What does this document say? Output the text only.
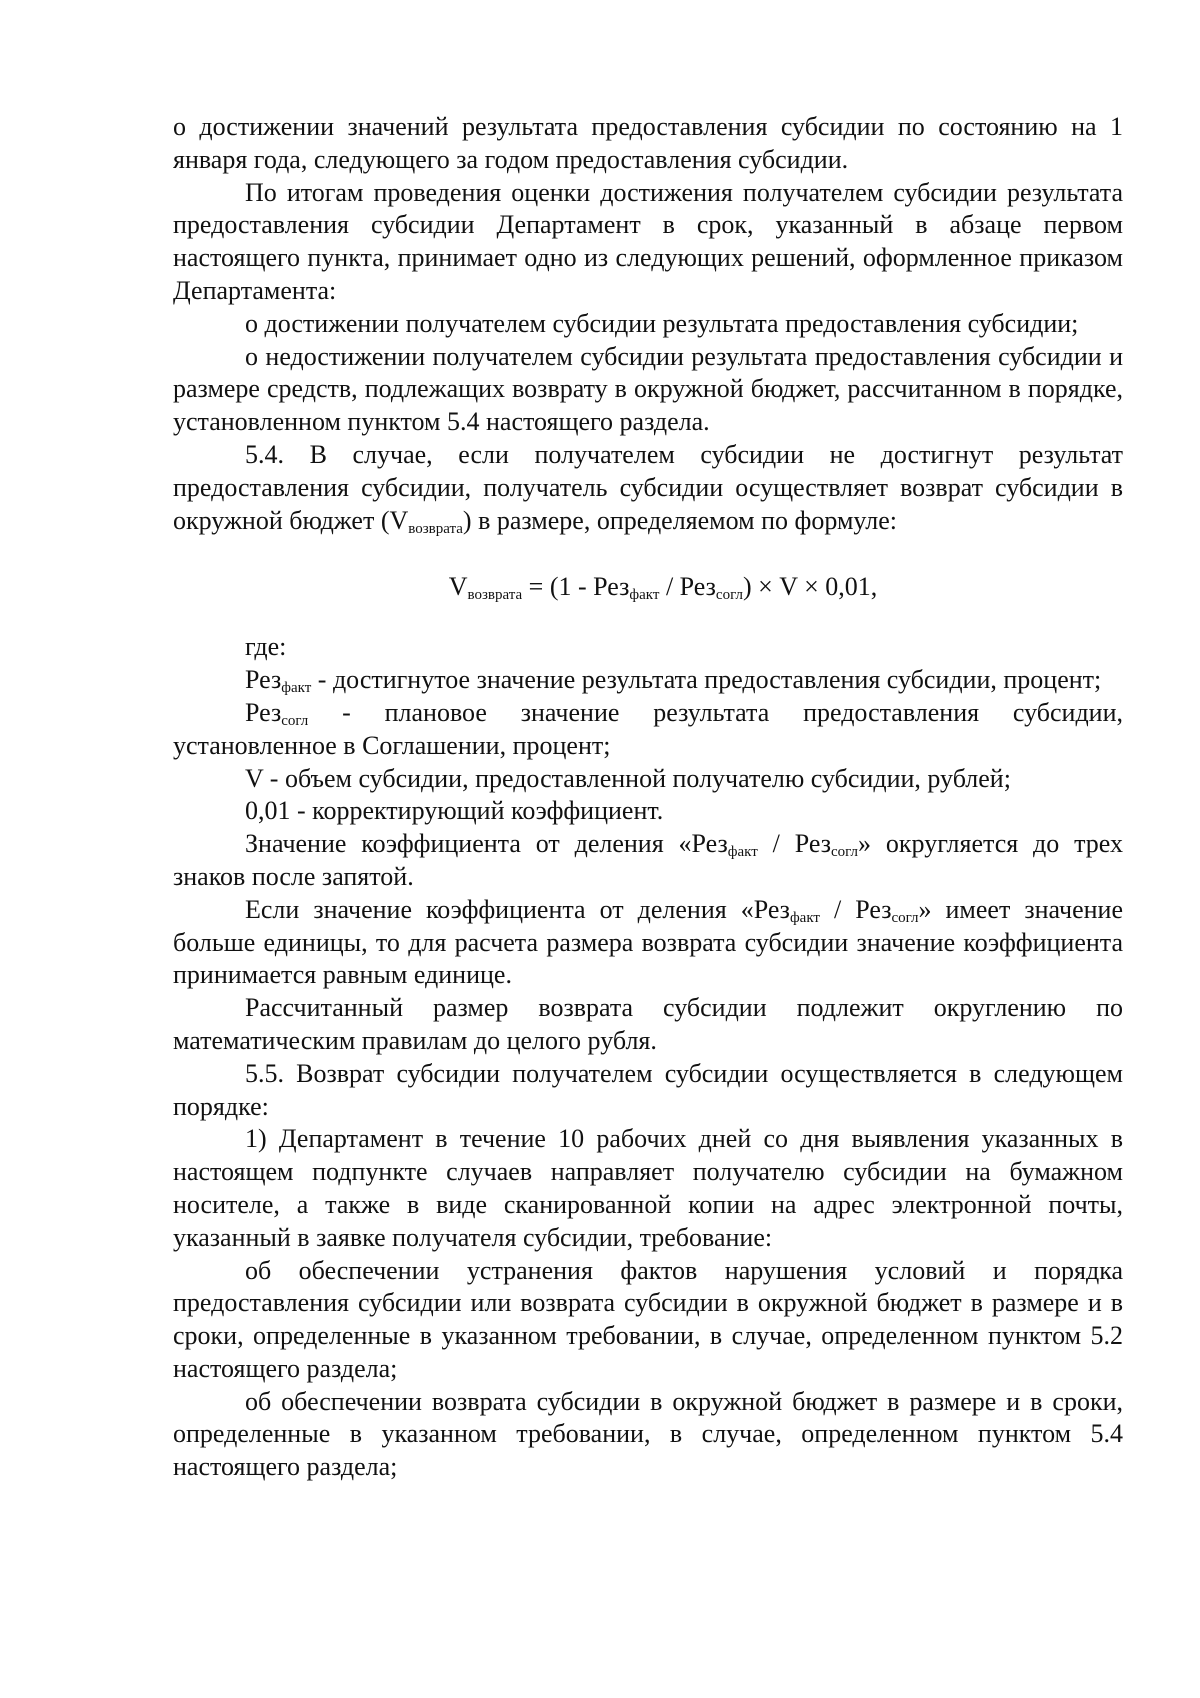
о достижении значений результата предоставления субсидии по состоянию на 1 января года, следующего за годом предоставления субсидии.

По итогам проведения оценки достижения получателем субсидии результата предоставления субсидии Департамент в срок, указанный в абзаце первом настоящего пункта, принимает одно из следующих решений, оформленное приказом Департамента:

о достижении получателем субсидии результата предоставления субсидии;

о недостижении получателем субсидии результата предоставления субсидии и размере средств, подлежащих возврату в окружной бюджет, рассчитанном в порядке, установленном пунктом 5.4 настоящего раздела.

5.4. В случае, если получателем субсидии не достигнут результат предоставления субсидии, получатель субсидии осуществляет возврат субсидии в окружной бюджет $(V_{возврата})$ в размере, определяемом по формуле:

$V_{возврата} = (1 - Рез_{факт} / Рез_{согл}) \times V \times 0,01$,

где:

Рез$_{факт}$ - достигнутое значение результата предоставления субсидии, процент;

Рез$_{согл}$ - плановое значение результата предоставления субсидии, установленное в Соглашении, процент;

V - объем субсидии, предоставленной получателю субсидии, рублей;

0,01 - корректирующий коэффициент.

Значение коэффициента от деления «Рез$_{факт}$ / Рез$_{согл}$» округляется до трех знаков после запятой.

Если значение коэффициента от деления «Рез$_{факт}$ / Рез$_{согл}$» имеет значение больше единицы, то для расчета размера возврата субсидии значение коэффициента принимается равным единице.

Рассчитанный размер возврата субсидии подлежит округлению по математическим правилам до целого рубля.

5.5. Возврат субсидии получателем субсидии осуществляется в следующем порядке:

1) Департамент в течение 10 рабочих дней со дня выявления указанных в настоящем подпункте случаев направляет получателю субсидии на бумажном носителе, а также в виде сканированной копии на адрес электронной почты, указанный в заявке получателя субсидии, требование:

об обеспечении устранения фактов нарушения условий и порядка предоставления субсидии или возврата субсидии в окружной бюджет в размере и в сроки, определенные в указанном требовании, в случае, определенном пунктом 5.2 настоящего раздела;

об обеспечении возврата субсидии в окружной бюджет в размере и в сроки, определенные в указанном требовании, в случае, определенном пунктом 5.4 настоящего раздела;
